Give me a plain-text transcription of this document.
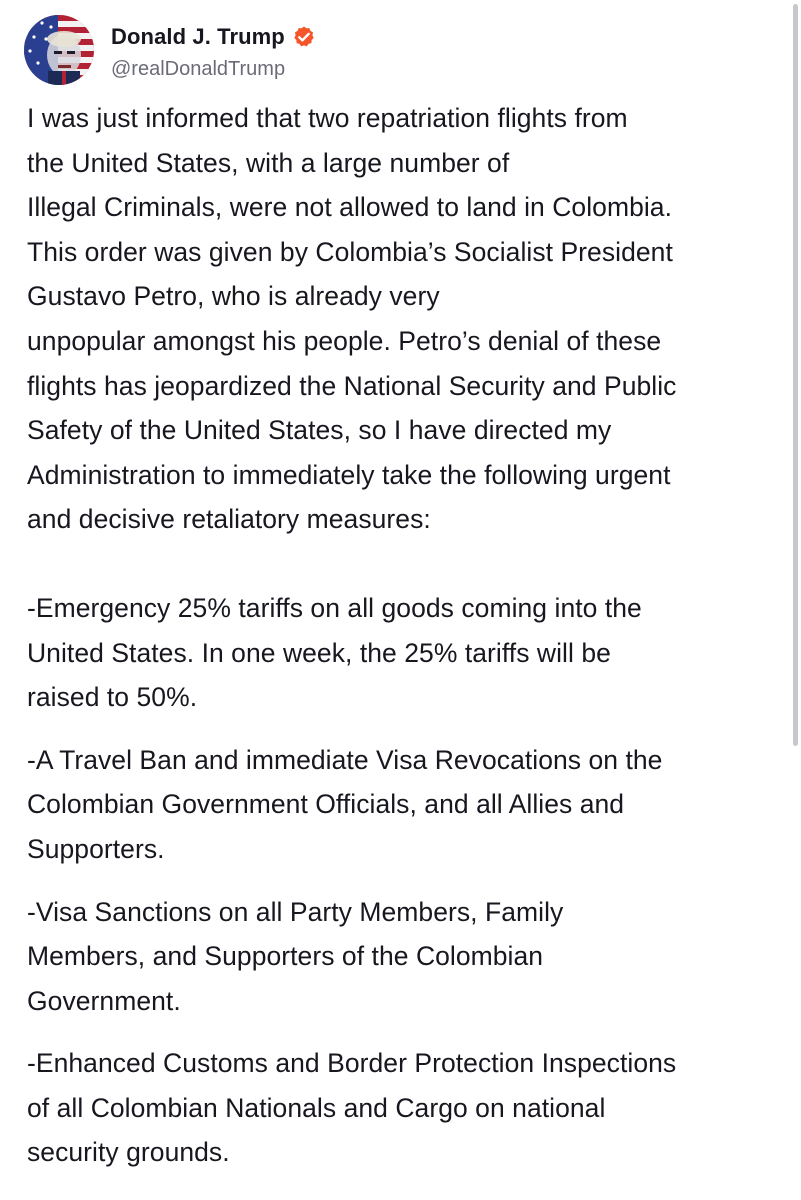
Donald J. Trump
@realDonaldTrump

I was just informed that two repatriation flights from
the United States, with a large number of
Illegal Criminals, were not allowed to land in Colombia.
This order was given by Colombia’s Socialist President
Gustavo Petro, who is already very
unpopular amongst his people. Petro’s denial of these
flights has jeopardized the National Security and Public
Safety of the United States, so I have directed my
Administration to immediately take the following urgent
and decisive retaliatory measures:

-Emergency 25% tariffs on all goods coming into the
United States. In one week, the 25% tariffs will be
raised to 50%.

-A Travel Ban and immediate Visa Revocations on the
Colombian Government Officials, and all Allies and
Supporters.

-Visa Sanctions on all Party Members, Family
Members, and Supporters of the Colombian
Government.

-Enhanced Customs and Border Protection Inspections
of all Colombian Nationals and Cargo on national
security grounds.
